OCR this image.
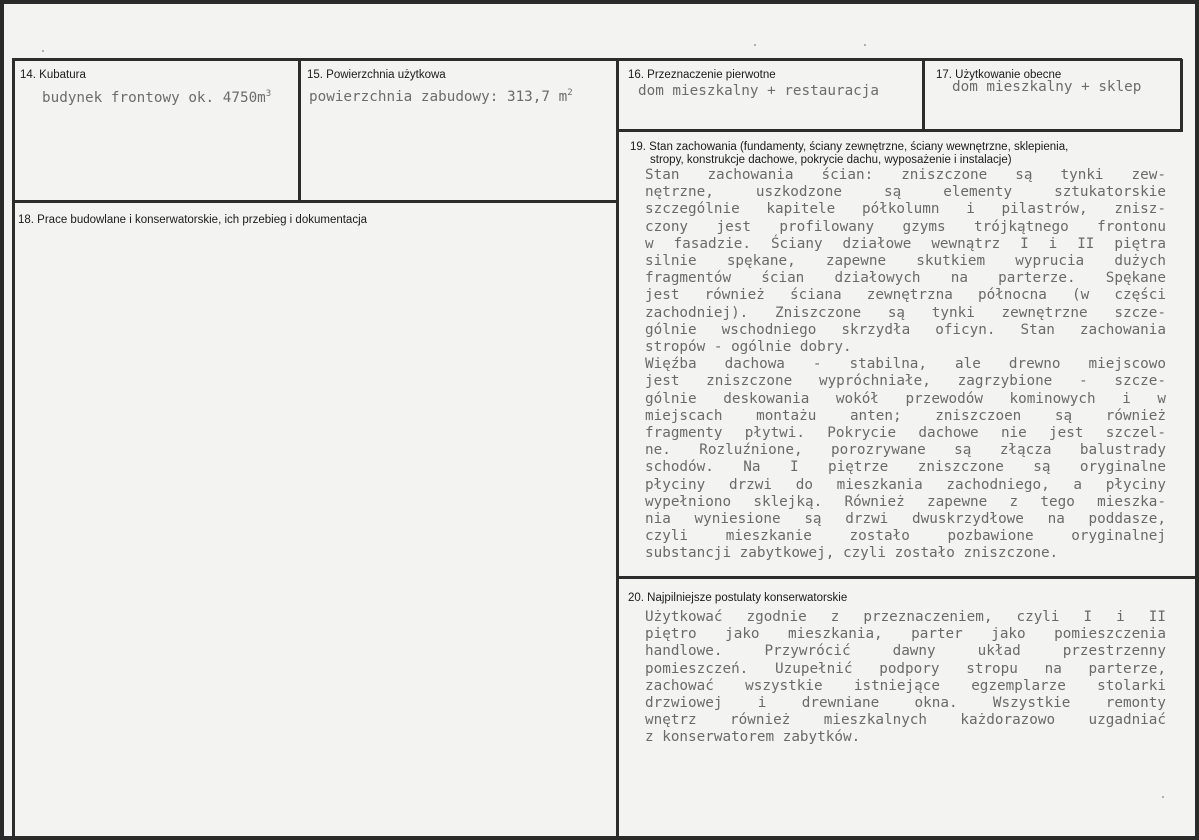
14. Kubatura
budynek frontowy ok. $4750m^3$
15. Powierzchnia użytkowa
powierzchnia zabudowy: 313,7 $m^2$
16. Przeznaczenie pierwotne
dom mieszkalny + restauracja
17. Użytkowanie obecne
dom mieszkalny + sklep
18. Prace budowlane i konserwatorskie, ich przebieg i dokumentacja
19. Stan zachowania (fundamenty, ściany zewnętrzne, ściany wewnętrzne, sklepienia,
stropy, konstrukcje dachowe, pokrycie dachu, wyposażenie i instalacje)
Stan zachowania ścian: zniszczone są tynki zew-
nętrzne, uszkodzone są elementy sztukatorskie
szczególnie kapitele półkolumn i pilastrów, znisz-
czony jest profilowany gzyms trójkątnego frontonu
w fasadzie. Ściany działowe wewnątrz I i II piętra
silnie spękane, zapewne skutkiem wyprucia dużych
fragmentów ścian działowych na parterze. Spękane
jest również ściana zewnętrzna północna (w części
zachodniej). Zniszczone są tynki zewnętrzne szcze-
gólnie wschodniego skrzydła oficyn. Stan zachowania
stropów - ogólnie dobry.
Więźba dachowa - stabilna, ale drewno miejscowo
jest zniszczone wypróchniałe, zagrzybione - szcze-
gólnie deskowania wokół przewodów kominowych i w
miejscach montażu anten; zniszczoen są również
fragmenty płytwi. Pokrycie dachowe nie jest szczel-
ne. Rozluźnione, porozrywane są złącza balustrady
schodów. Na I piętrze zniszczone są oryginalne
płyciny drzwi do mieszkania zachodniego, a płyciny
wypełniono sklejką. Również zapewne z tego mieszka-
nia wyniesione są drzwi dwuskrzydłowe na poddasze,
czyli mieszkanie zostało pozbawione oryginalnej
substancji zabytkowej, czyli zostało zniszczone.
20. Najpilniejsze postulaty konserwatorskie
Użytkować zgodnie z przeznaczeniem, czyli I i II
piętro jako mieszkania, parter jako pomieszczenia
handlowe. Przywrócić dawny układ przestrzenny
pomieszczeń. Uzupełnić podpory stropu na parterze,
zachować wszystkie istniejące egzemplarze stolarki
drzwiowej i drewniane okna. Wszystkie remonty
wnętrz również mieszkalnych każdorazowo uzgadniać
z konserwatorem zabytków.
